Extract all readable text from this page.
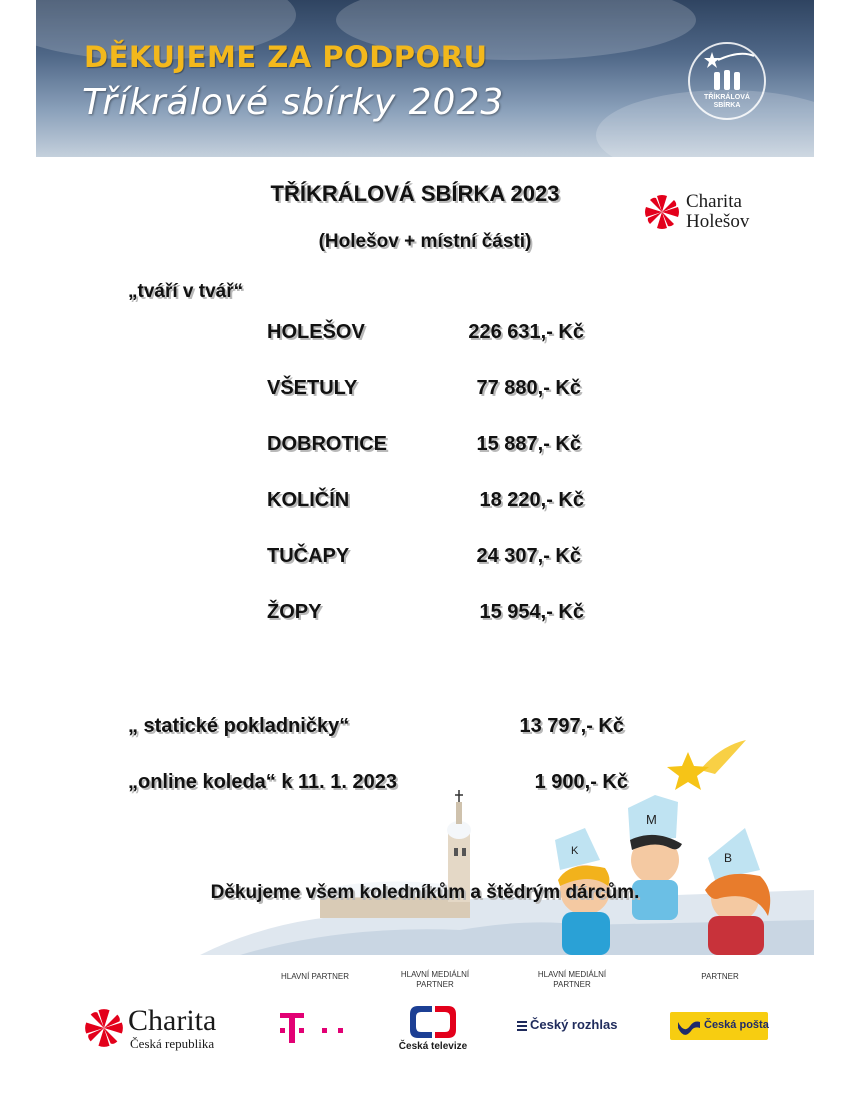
DĚKUJEME ZA PODPORU
Tříkrálové sbírky 2023	TŘÍKRÁLOVÁ SBÍRKA
TŘÍKRÁLOVÁ SBÍRKA 2023
(Holešov + místní části)
Charita
Holešov
„tváří v tvář“
HOLEŠOV	226 631,- Kč
VŠETULY	77 880,- Kč
DOBROTICE	15 887,- Kč
KOLIČÍN	18 220,- Kč
TUČAPY	24 307,- Kč
ŽOPY	15 954,- Kč
„ statické pokladničky“	13 797,- Kč
„online koleda“ k 11. 1. 2023	1 900,- Kč
K
M
B
Děkujeme všem koledníkům a štědrým dárcům.
HLAVNÍ PARTNER	HLAVNÍ MEDIÁLNÍ PARTNER
HLAVNÍ MEDIÁLNÍ PARTNER
PARTNER
Charita
Česká republika	Česká televize
Český rozhlas	Česká pošta
